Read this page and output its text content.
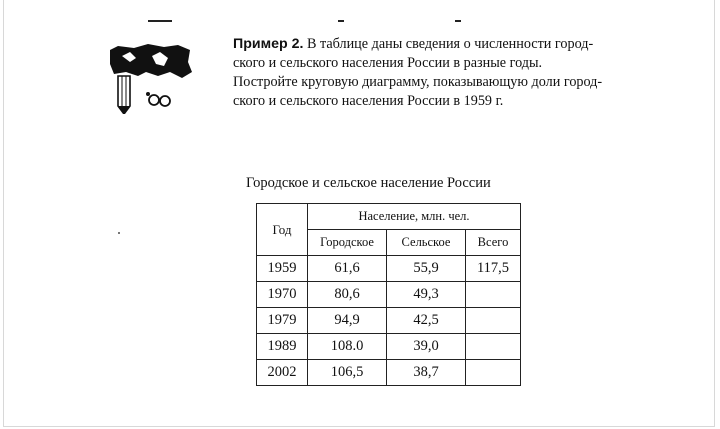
Пример 2. В таблице даны сведения о численности город-

ского и сельского населения России в разные годы.

Постройте круговую диаграмму, показывающую доли город-

ского и сельского населения России в 1959 г.

Городское и сельское население России
Год	Население, млн. чел.		
	Городское	Сельское	Всего
1959	61,6	55,9	117,5
1970	80,6	49,3	
1979	94,9	42,5	
1989	108.0	39,0	
2002	106,5	38,7	
